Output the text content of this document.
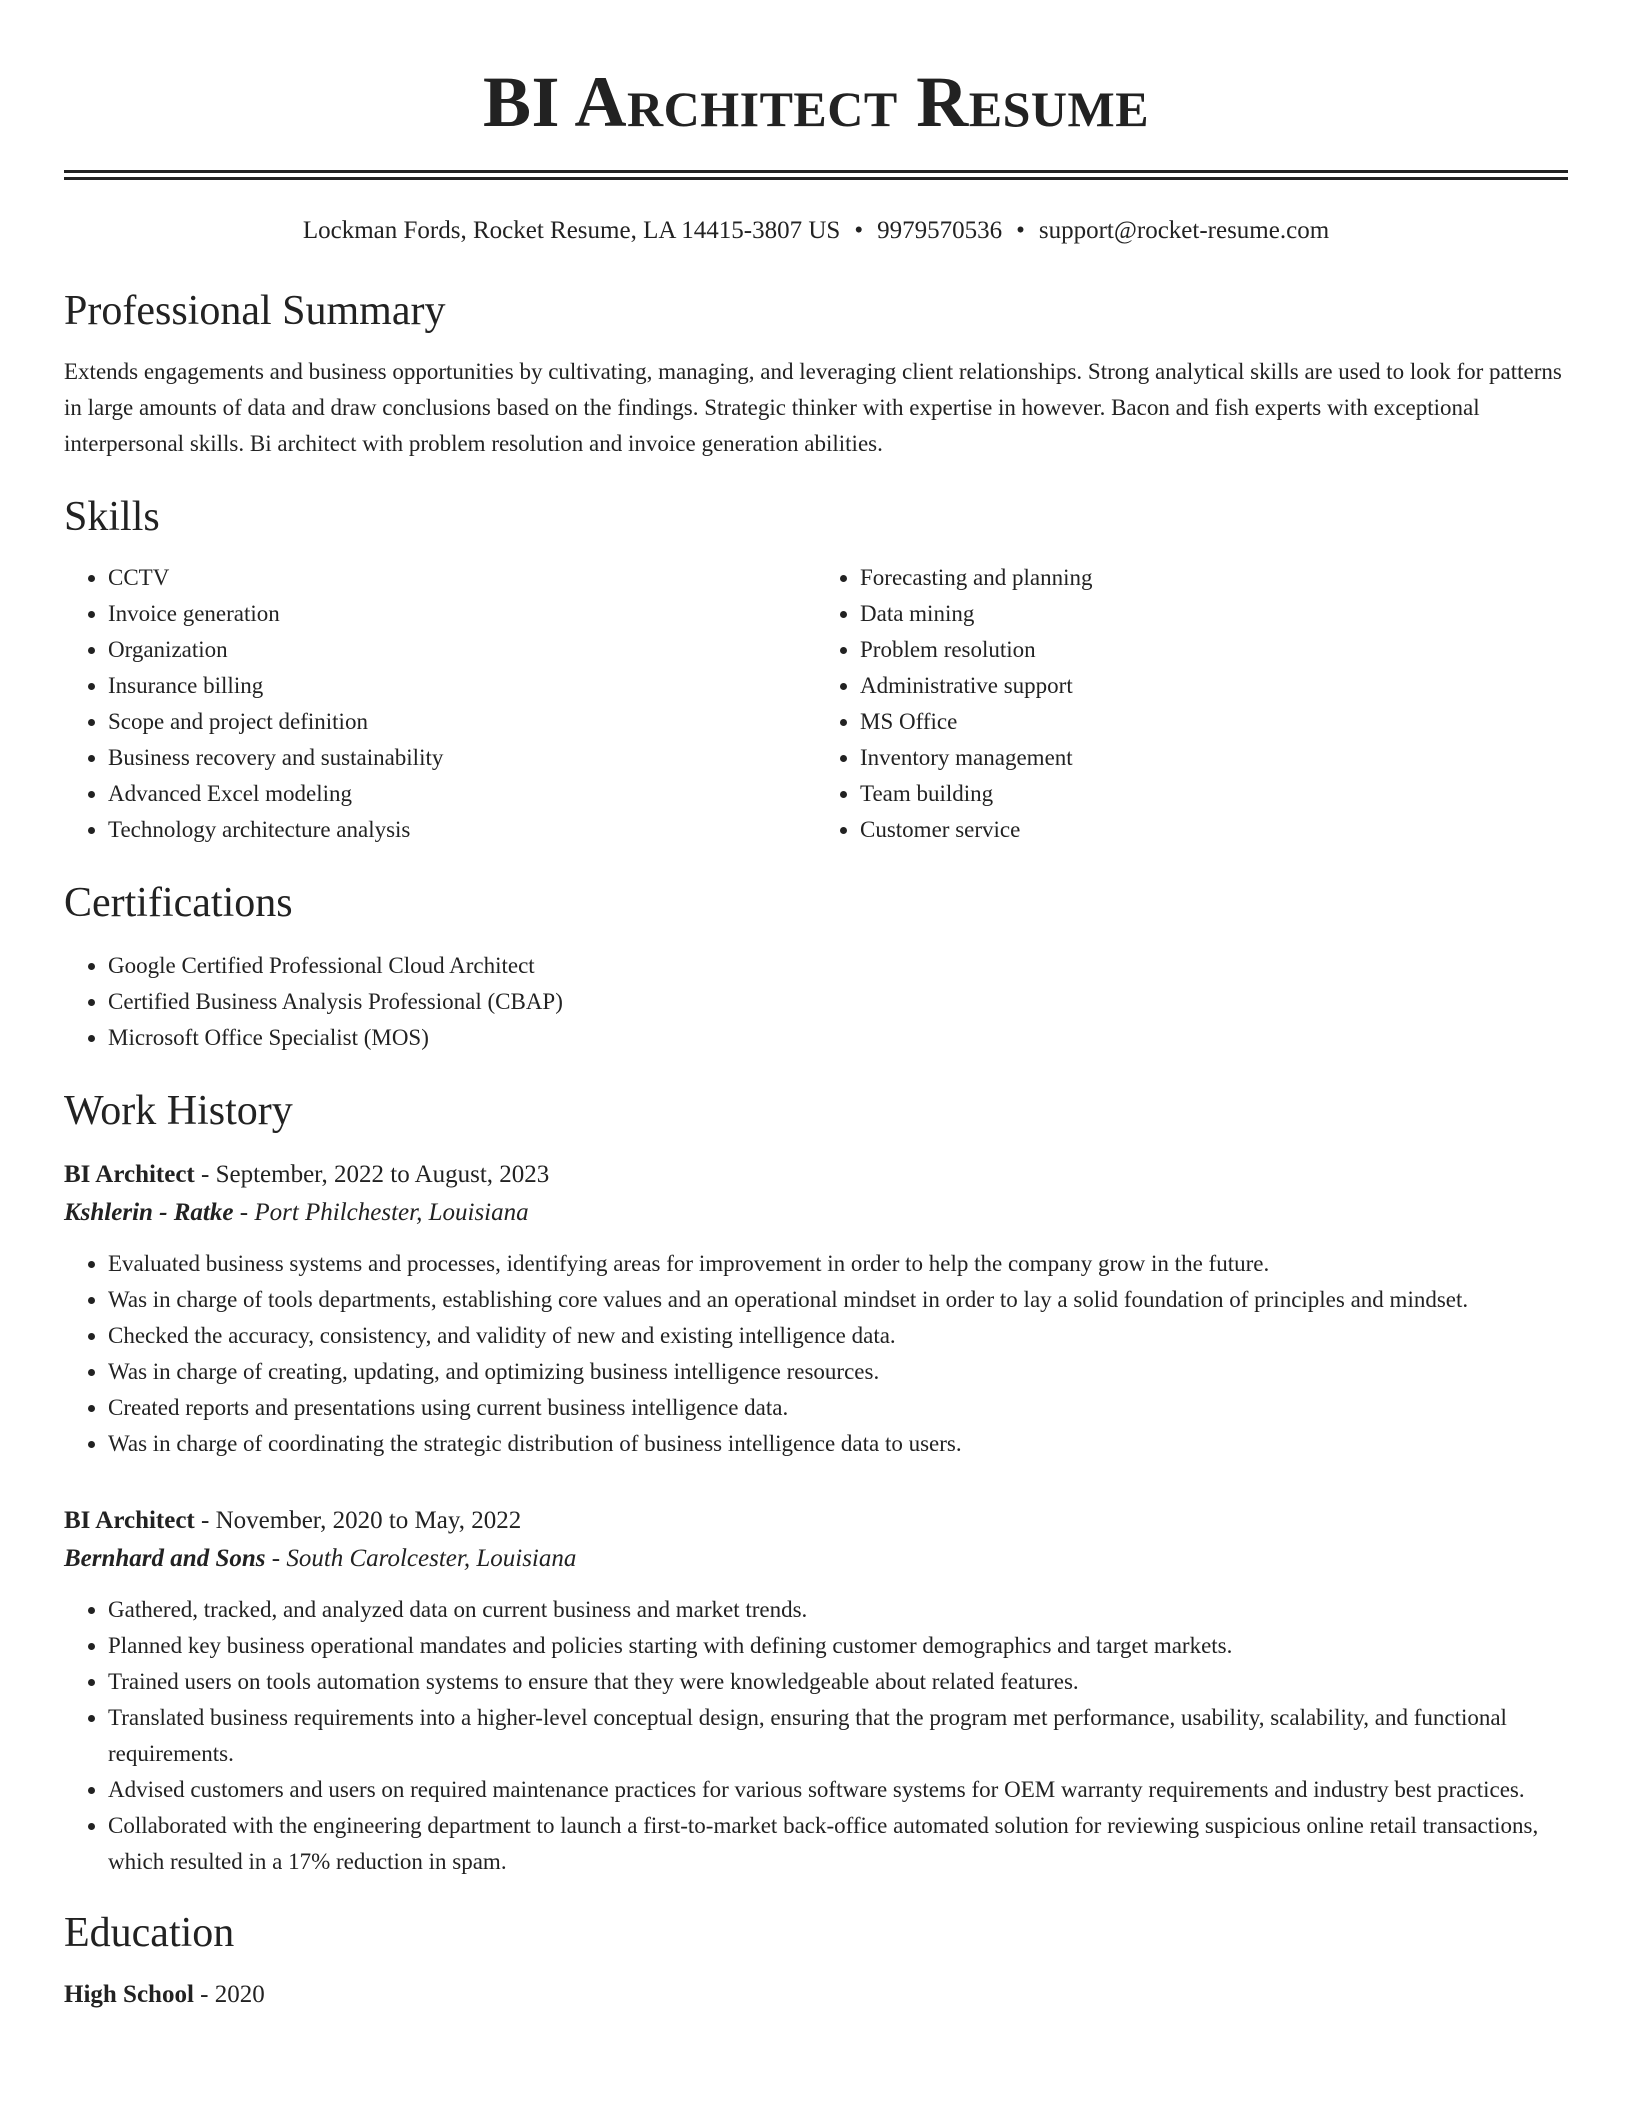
BI Architect Resume
Lockman Fords, Rocket Resume, LA 14415-3807 US • 9979570536 • support@rocket-resume.com
Professional Summary

Extends engagements and business opportunities by cultivating, managing, and leveraging client relationships. Strong analytical skills are used to look for patterns in large amounts of data and draw conclusions based on the findings. Strategic thinker with expertise in however. Bacon and fish experts with exceptional interpersonal skills. Bi architect with problem resolution and invoice generation abilities.

Skills
• CCTV
• Invoice generation
• Organization
• Insurance billing
• Scope and project definition
• Business recovery and sustainability
• Advanced Excel modeling
• Technology architecture analysis
• Forecasting and planning
• Data mining
• Problem resolution
• Administrative support
• MS Office
• Inventory management
• Team building
• Customer service
Certifications
• Google Certified Professional Cloud Architect
• Certified Business Analysis Professional (CBAP)
• Microsoft Office Specialist (MOS)
Work History
BI Architect - September, 2022 to August, 2023
Kshlerin - Ratke - Port Philchester, Louisiana
• Evaluated business systems and processes, identifying areas for improvement in order to help the company grow in the future.
• Was in charge of tools departments, establishing core values and an operational mindset in order to lay a solid foundation of principles and mindset.
• Checked the accuracy, consistency, and validity of new and existing intelligence data.
• Was in charge of creating, updating, and optimizing business intelligence resources.
• Created reports and presentations using current business intelligence data.
• Was in charge of coordinating the strategic distribution of business intelligence data to users.
BI Architect - November, 2020 to May, 2022
Bernhard and Sons - South Carolcester, Louisiana
• Gathered, tracked, and analyzed data on current business and market trends.
• Planned key business operational mandates and policies starting with defining customer demographics and target markets.
• Trained users on tools automation systems to ensure that they were knowledgeable about related features.
• Translated business requirements into a higher-level conceptual design, ensuring that the program met performance, usability, scalability, and functional requirements.
• Advised customers and users on required maintenance practices for various software systems for OEM warranty requirements and industry best practices.
• Collaborated with the engineering department to launch a first-to-market back-office automated solution for reviewing suspicious online retail transactions, which resulted in a 17% reduction in spam.
Education
High School - 2020
